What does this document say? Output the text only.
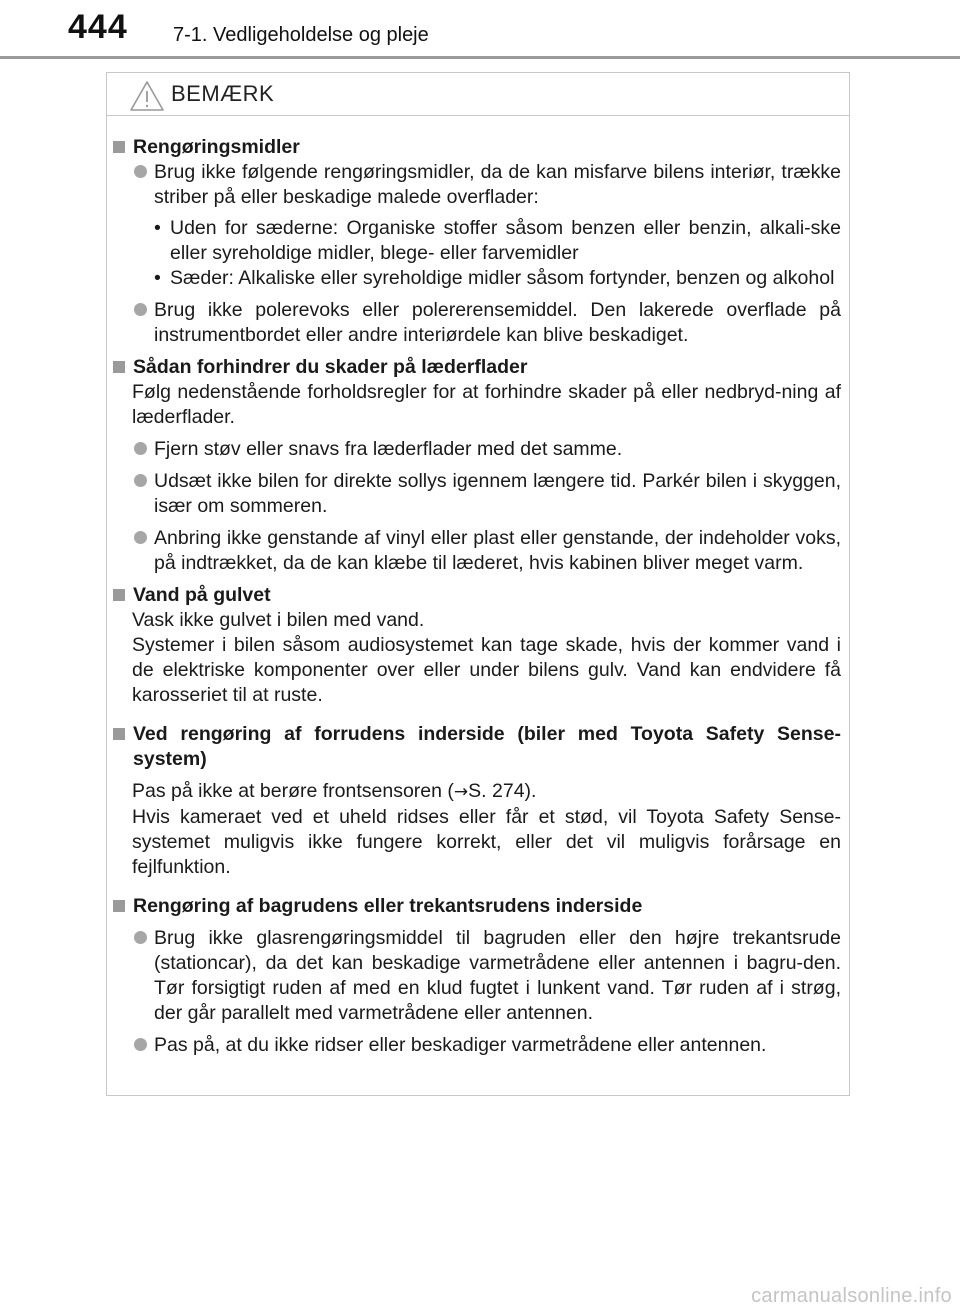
444 7-1. Vedligeholdelse og pleje
BEMÆRK
Rengøringsmidler
Brug ikke følgende rengøringsmidler, da de kan misfarve bilens interiør, trække striber på eller beskadige malede overflader:
• Uden for sæderne: Organiske stoffer såsom benzen eller benzin, alkali-ske eller syreholdige midler, blege- eller farvemidler
• Sæder: Alkaliske eller syreholdige midler såsom fortynder, benzen og alkohol
Brug ikke polerevoks eller polererensemiddel. Den lakerede overflade på instrumentbordet eller andre interiørdele kan blive beskadiget.
Sådan forhindrer du skader på læderflader
Følg nedenstående forholdsregler for at forhindre skader på eller nedbryd-ning af læderflader.
Fjern støv eller snavs fra læderflader med det samme.
Udsæt ikke bilen for direkte sollys igennem længere tid. Parkér bilen i skyggen, især om sommeren.
Anbring ikke genstande af vinyl eller plast eller genstande, der indeholder voks, på indtrækket, da de kan klæbe til læderet, hvis kabinen bliver meget varm.
Vand på gulvet
Vask ikke gulvet i bilen med vand.
Systemer i bilen såsom audiosystemet kan tage skade, hvis der kommer vand i de elektriske komponenter over eller under bilens gulv. Vand kan endvidere få karosseriet til at ruste.
Ved rengøring af forrudens inderside (biler med Toyota Safety Sense-system)
Pas på ikke at berøre frontsensoren (→S. 274).
Hvis kameraet ved et uheld ridses eller får et stød, vil Toyota Safety Sense-systemet muligvis ikke fungere korrekt, eller det vil muligvis forårsage en fejlfunktion.
Rengøring af bagrudens eller trekantsrudens inderside
Brug ikke glasrengøringsmiddel til bagruden eller den højre trekantsrude (stationcar), da det kan beskadige varmetrådene eller antennen i bagru-den. Tør forsigtigt ruden af med en klud fugtet i lunkent vand. Tør ruden af i strøg, der går parallelt med varmetrådene eller antennen.
Pas på, at du ikke ridser eller beskadiger varmetrådene eller antennen.
carmanualsonline.info
